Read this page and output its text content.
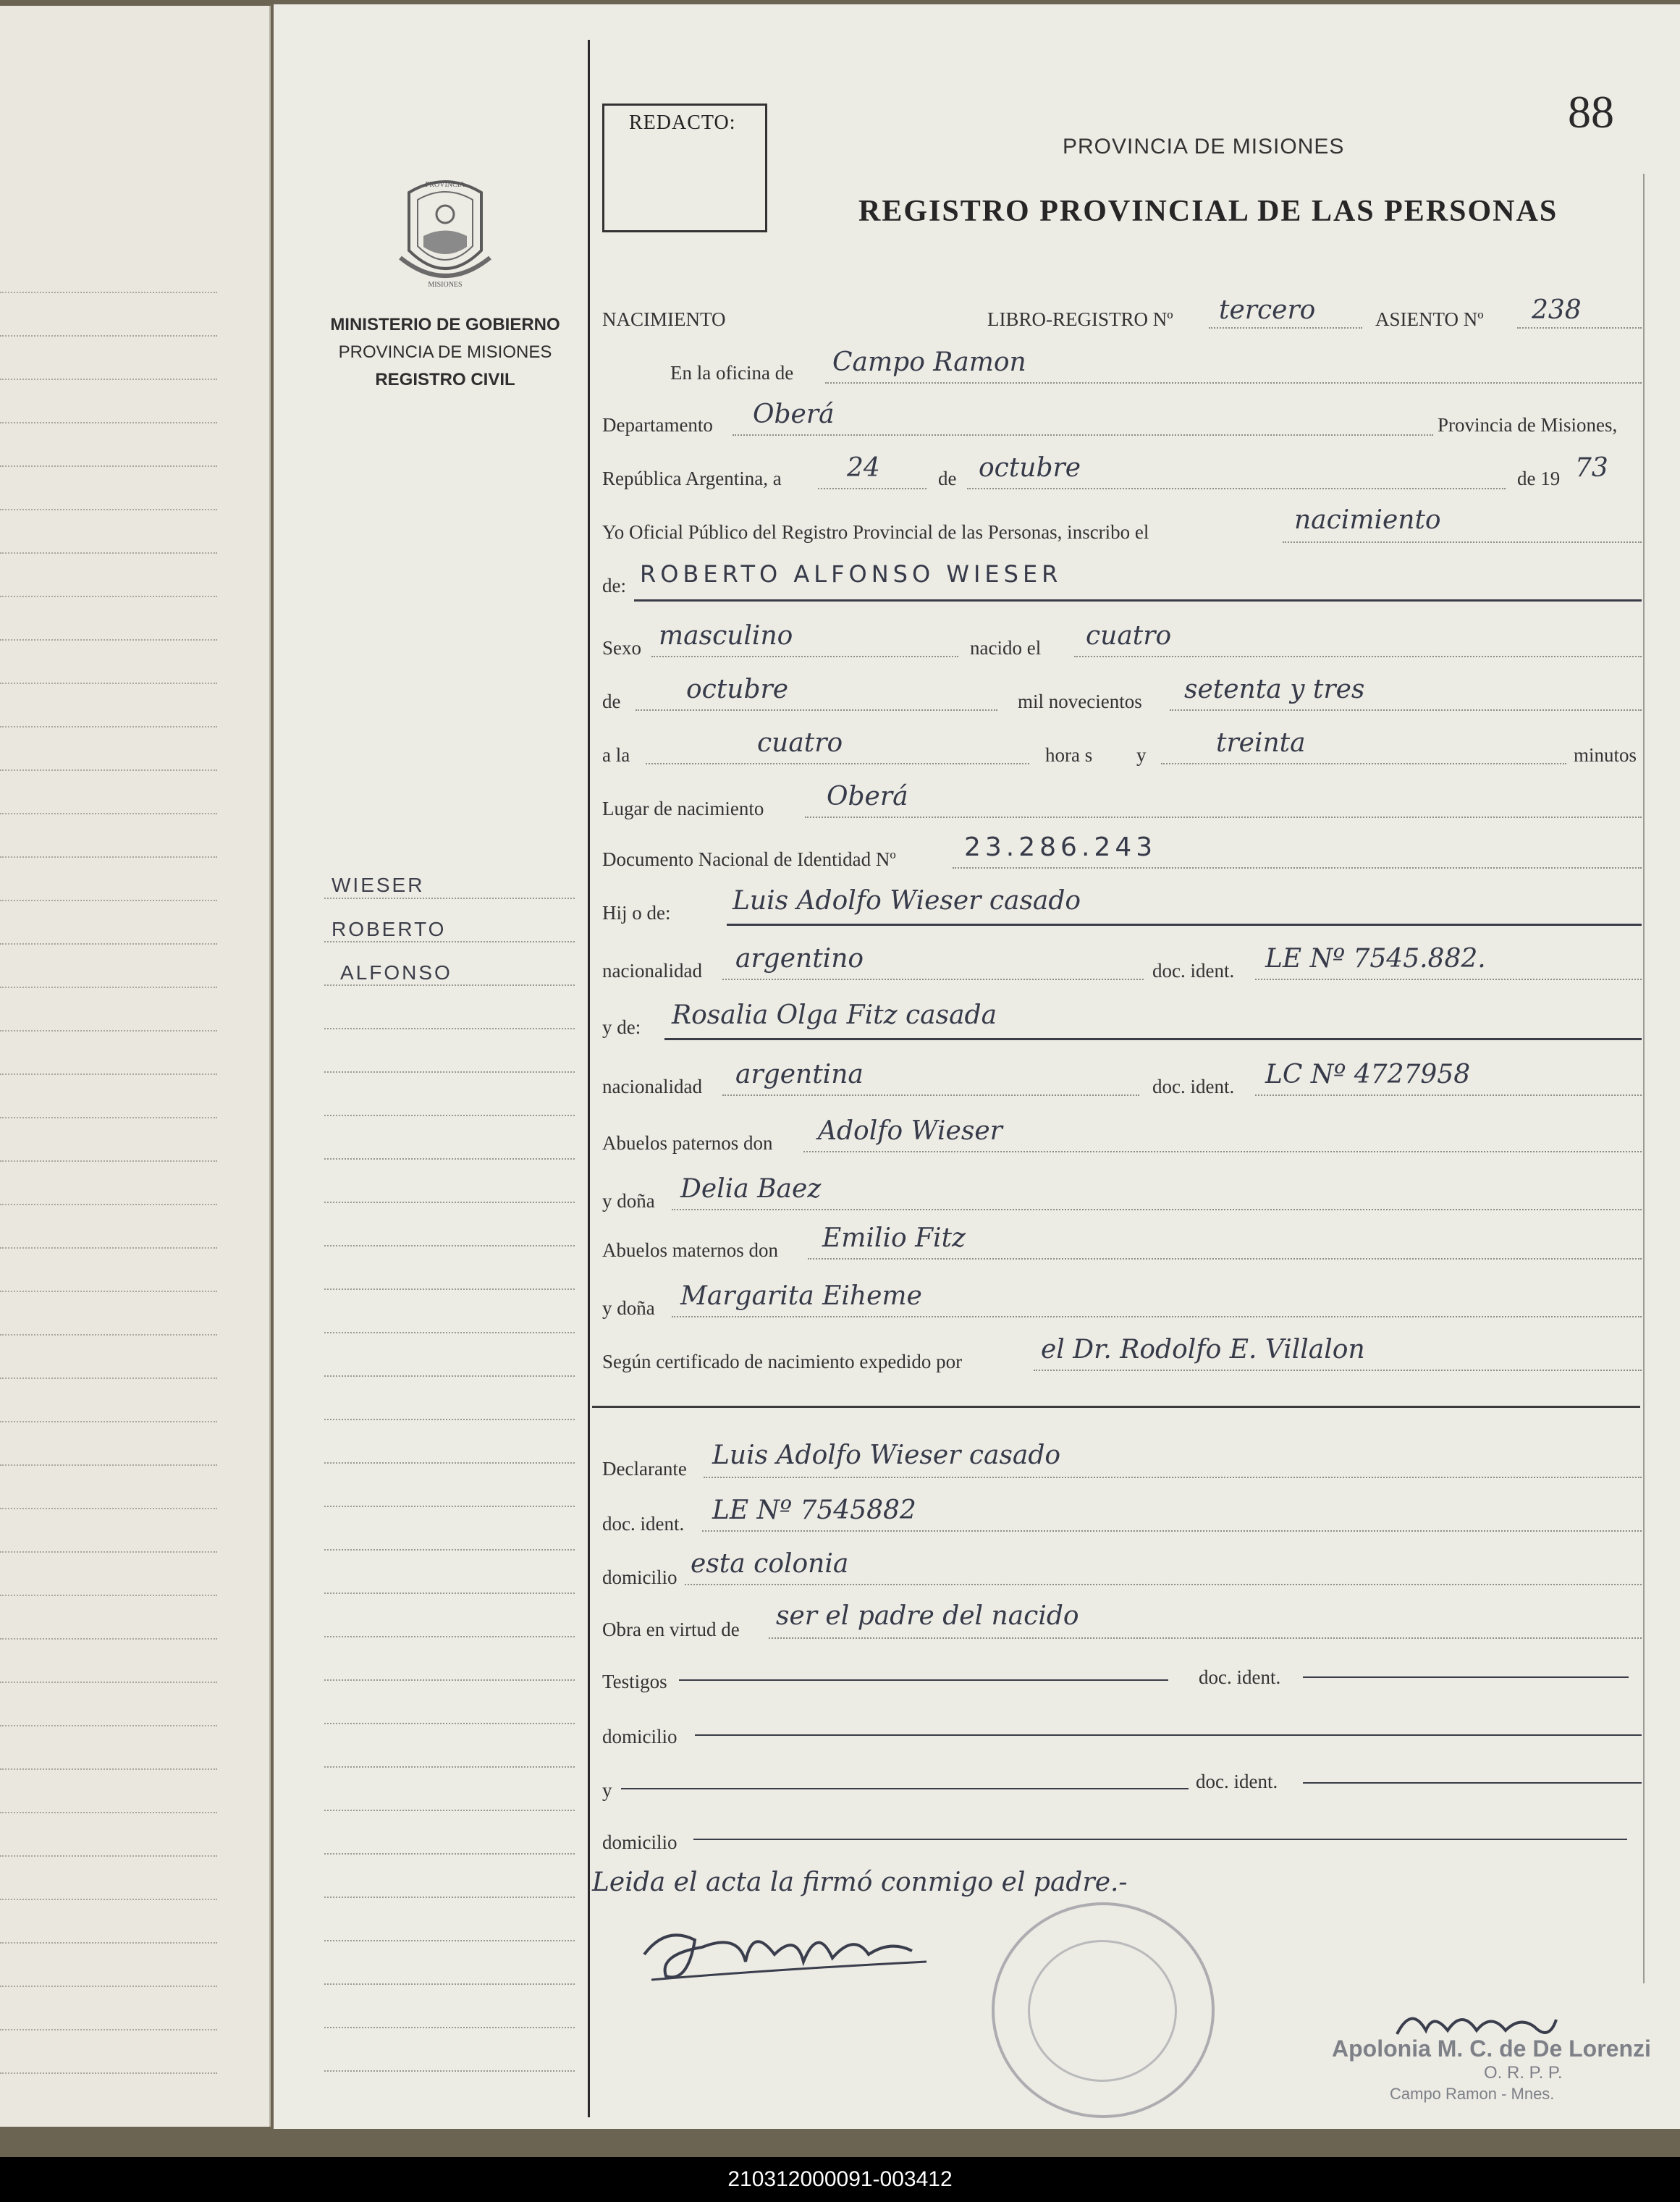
REDACTO:	88
PROVINCIA DE MISIONES
REGISTRO PROVINCIAL DE LAS PERSONAS
PROVINCIA
MISIONES
MINISTERIO DE GOBIERNO
PROVINCIA DE MISIONES
REGISTRO CIVIL
WIESER
ROBERTO
ALFONSO
NACIMIENTO	LIBRO-REGISTRO Nº tercero	ASIENTO Nº 238
En la oficina de Campo Ramon
Departamento Oberá	Provincia de Misiones,
República Argentina, a	24	de octubre	de 19 73
Yo Oficial Público del Registro Provincial de las Personas, inscribo el	nacimiento
de: ROBERTO ALFONSO WIESER
Sexo masculino	nacido el cuatro
de	octubre	mil novecientos setenta y tres
a la	cuatro	hora s y	treinta	minutos
Lugar de nacimiento Oberá
Documento Nacional de Identidad Nº	23.286.243
Hij o de: Luis Adolfo Wieser casado
nacionalidad argentino	doc. ident. LE Nº 7545.882.
y de: Rosalia Olga Fitz casada
nacionalidad argentina	doc. ident. LC Nº 4727958
Abuelos paternos don Adolfo Wieser
y doña Delia Baez
Abuelos maternos don Emilio Fitz
y doña Margarita Eiheme
Según certificado de nacimiento expedido por	el Dr. Rodolfo E. Villalon
Declarante Luis Adolfo Wieser casado
doc. ident. LE Nº 7545882
domicilio esta colonia
Obra en virtud de ser el padre del nacido
Testigos	doc. ident.
domicilio
y	doc. ident.
domicilio
Leida el acta la firmó conmigo el padre.-
Apolonia M. C. de De Lorenzi
O. R. P. P.
Campo Ramon - Mnes.
210312000091-003412
